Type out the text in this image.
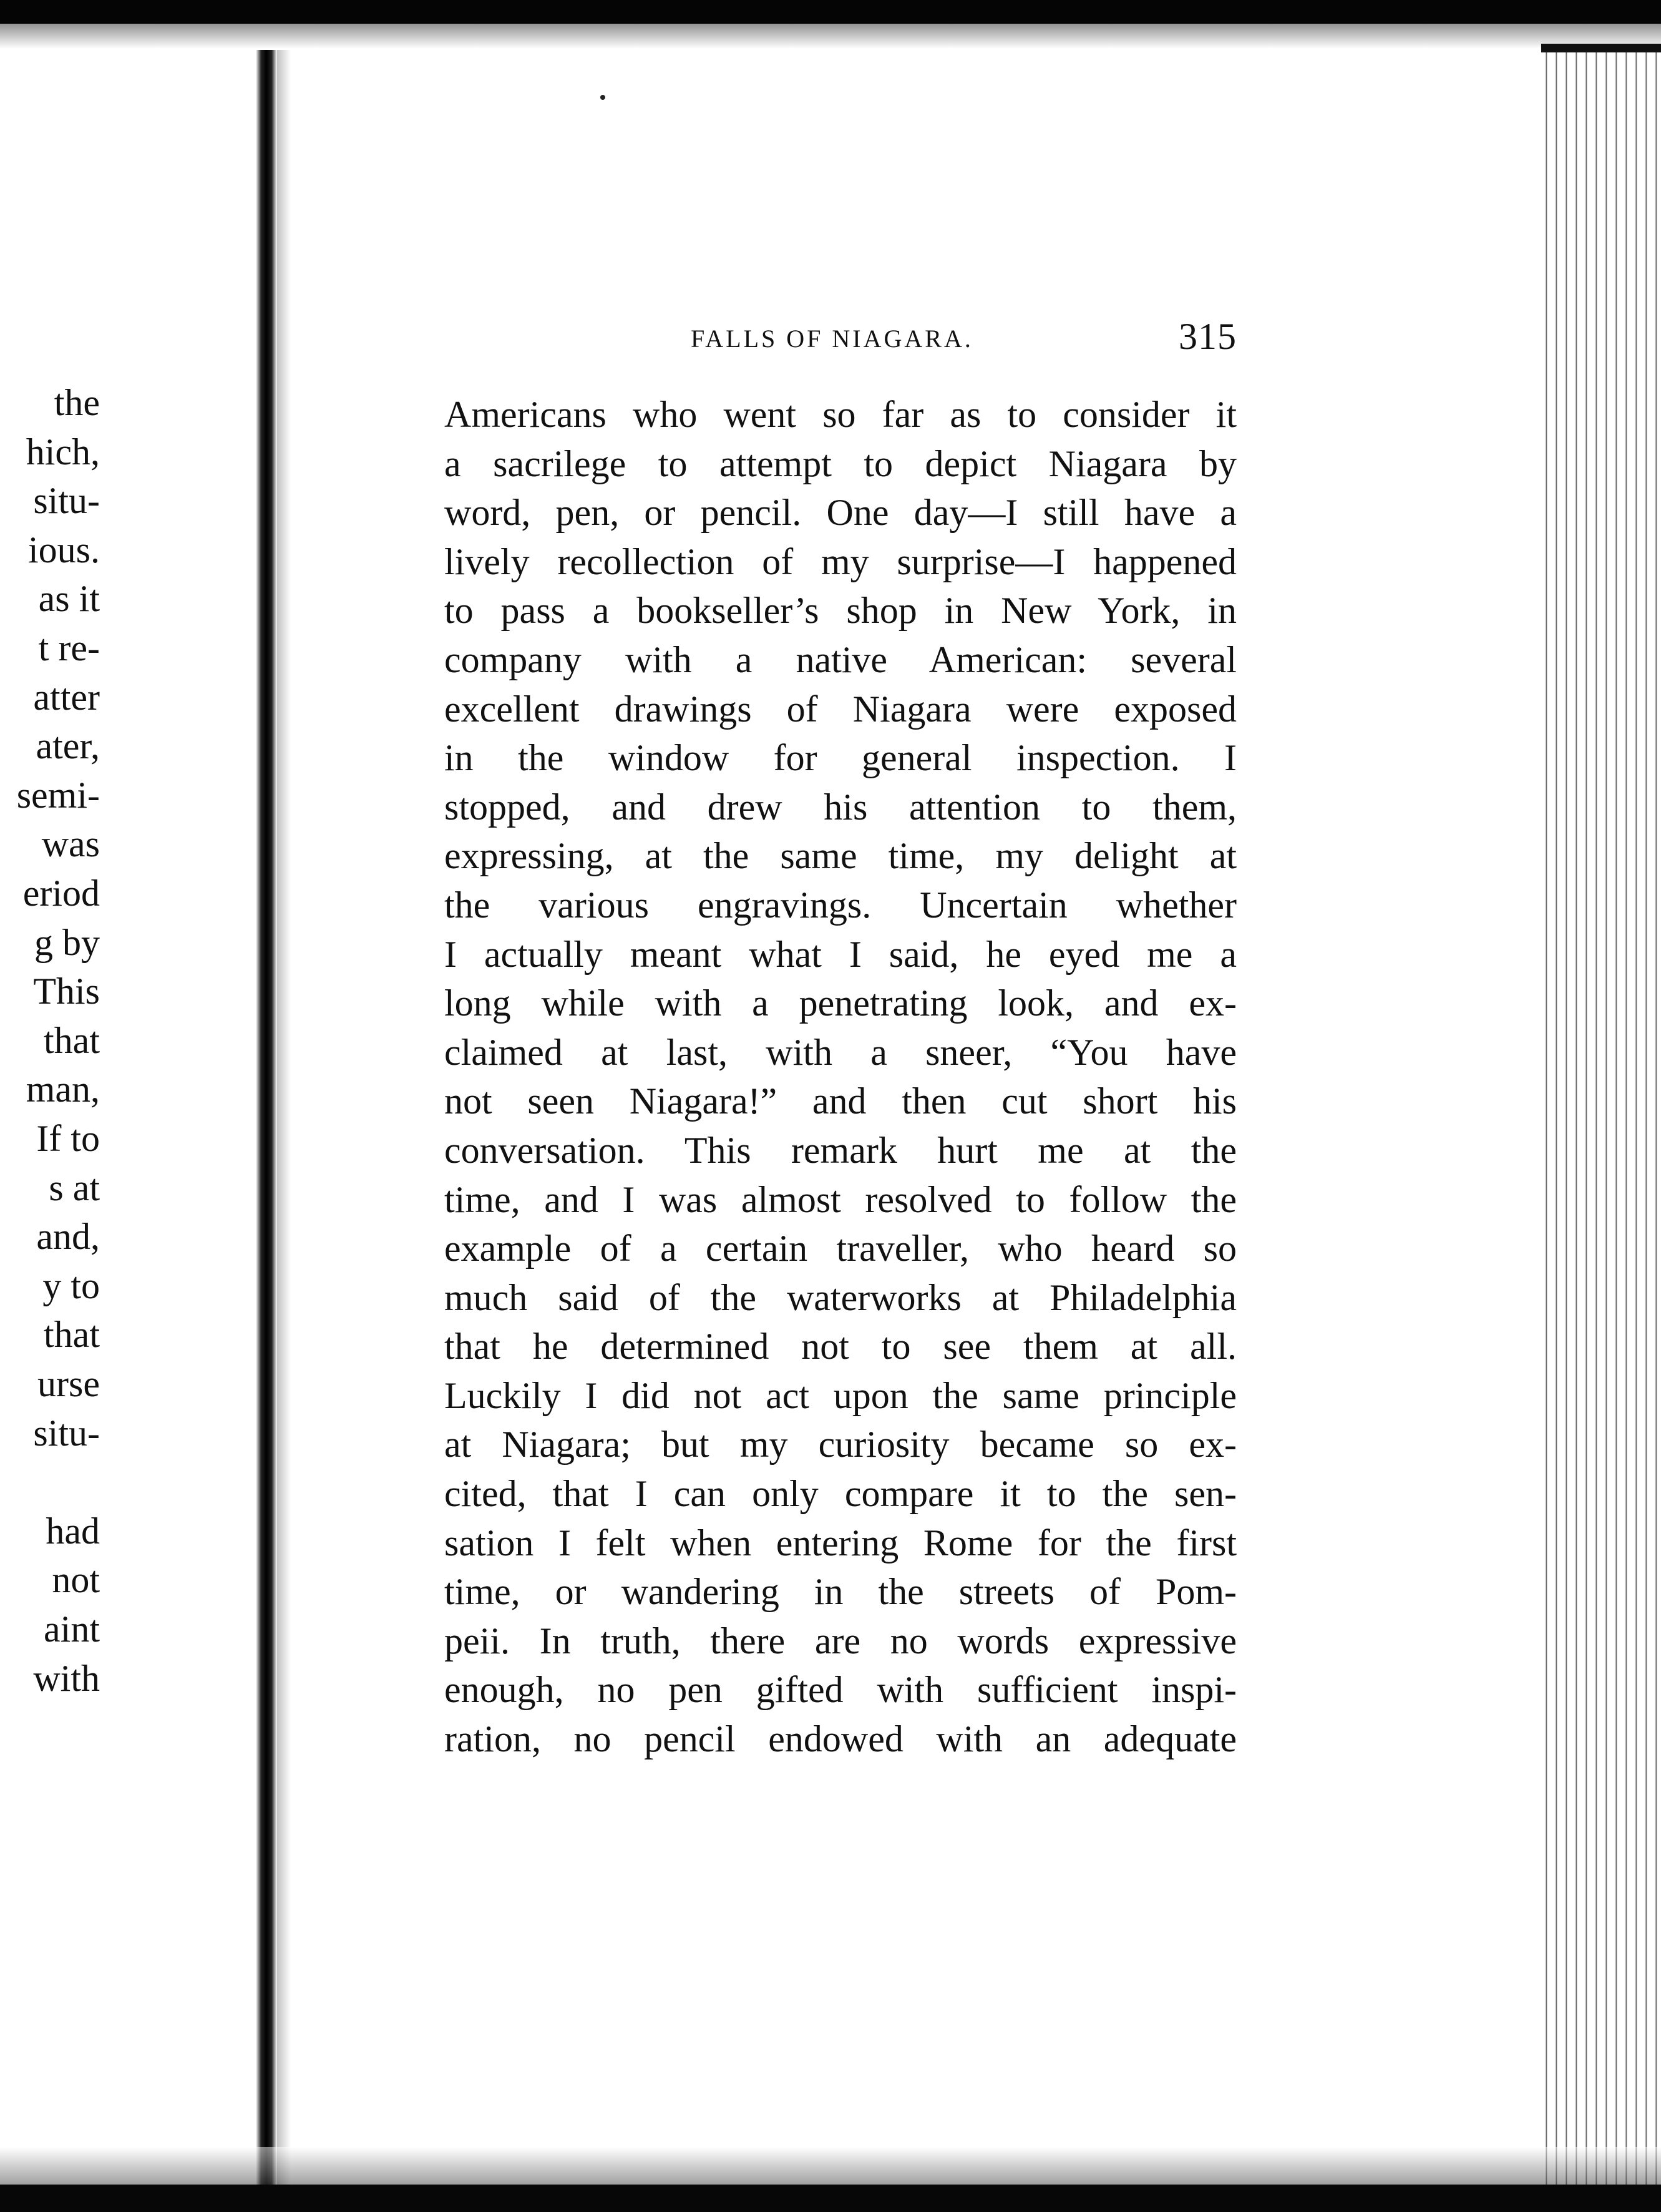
the
hich,
situ-
ious.
as it
t re-
atter
ater,
semi-
was
eriod
g by
This
that
man,
If to
s at
and,
y to
that
urse
situ-
had
not
aint
with
FALLS OF NIAGARA.	315
Americans who went so far as to consider it
a sacrilege to attempt to depict Niagara by
word, pen, or pencil. One day—I still have a
lively recollection of my surprise—I happened
to pass a bookseller’s shop in New York, in
company with a native American: several
excellent drawings of Niagara were exposed
in the window for general inspection. I
stopped, and drew his attention to them,
expressing, at the same time, my delight at
the various engravings. Uncertain whether
I actually meant what I said, he eyed me a
long while with a penetrating look, and ex-
claimed at last, with a sneer, “You have
not seen Niagara!” and then cut short his
conversation. This remark hurt me at the
time, and I was almost resolved to follow the
example of a certain traveller, who heard so
much said of the waterworks at Philadelphia
that he determined not to see them at all.
Luckily I did not act upon the same principle
at Niagara; but my curiosity became so ex-
cited, that I can only compare it to the sen-
sation I felt when entering Rome for the first
time, or wandering in the streets of Pom-
peii. In truth, there are no words expressive
enough, no pen gifted with sufficient inspi-
ration, no pencil endowed with an adequate
